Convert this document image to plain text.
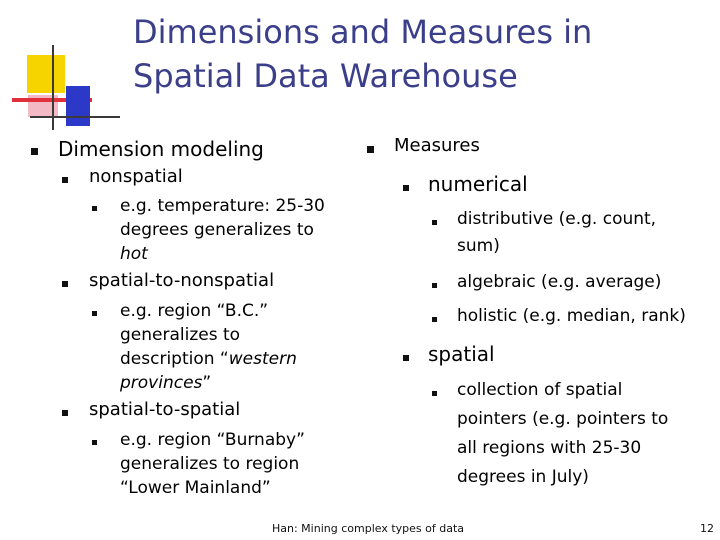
Dimensions and Measures in
Spatial Data Warehouse
Dimension modeling
nonspatial
e.g. temperature: 25-30
degrees generalizes to
hot
spatial-to-nonspatial
e.g. region “B.C.”
generalizes to
description “western
provinces”
spatial-to-spatial
e.g. region “Burnaby”
generalizes to region
“Lower Mainland”
Measures
numerical
distributive (e.g. count,
sum)
algebraic (e.g. average)
holistic (e.g. median, rank)
spatial
collection of spatial
pointers (e.g. pointers to
all regions with 25-30
degrees in July)
Han: Mining complex types of data	12
